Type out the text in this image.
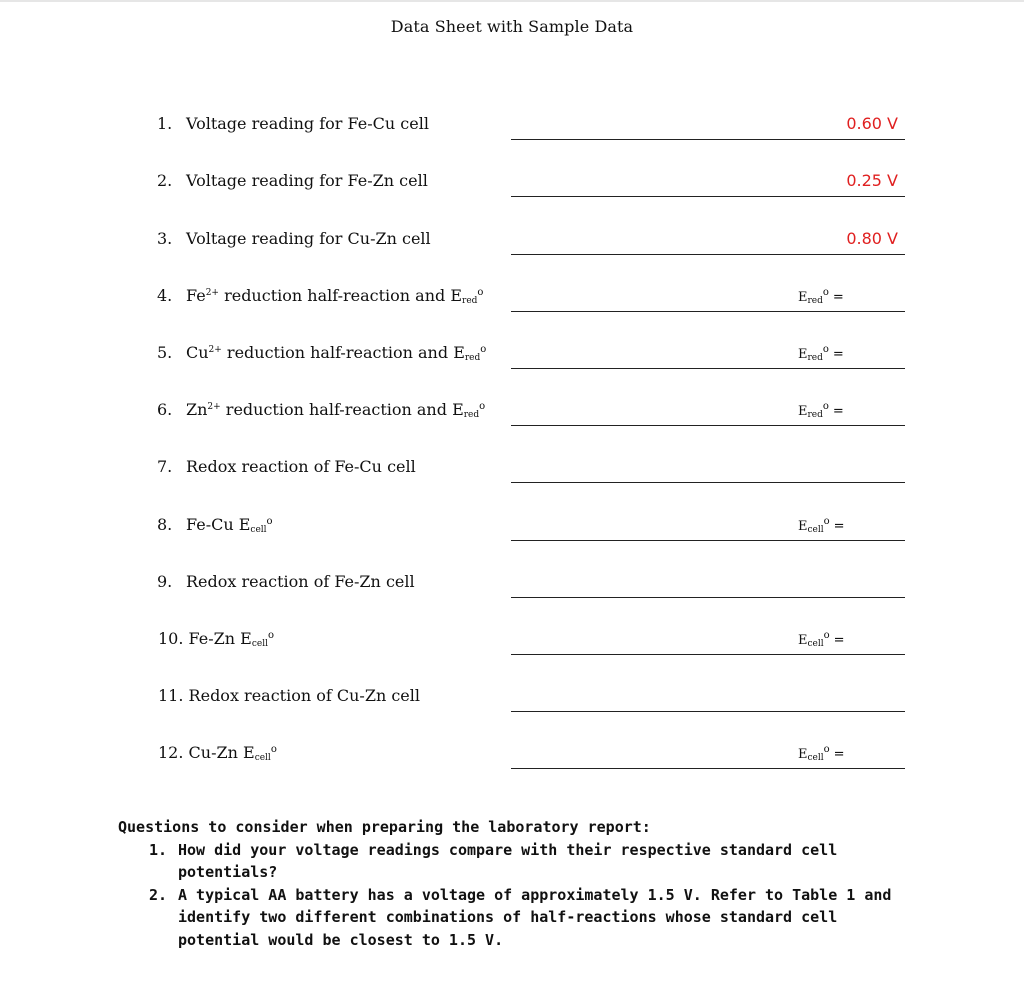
Data Sheet with Sample Data
1. Voltage reading for Fe-Cu cell	0.60 V
2. Voltage reading for Fe-Zn cell	0.25 V
3. Voltage reading for Cu-Zn cell	0.80 V
4. $Fe^{2+}$ reduction half-reaction and $E_{red}^o$	$E_{red}^o$ =
5. $Cu^{2+}$ reduction half-reaction and $E_{red}^o$	$E_{red}^o$ =
6. $Zn^{2+}$ reduction half-reaction and $E_{red}^o$	$E_{red}^o$ =
7. Redox reaction of Fe-Cu cell
8. Fe-Cu $E_{cell}^o$	$E_{cell}^o$ =
9. Redox reaction of Fe-Zn cell
10. Fe-Zn $E_{cell}^o$	$E_{cell}^o$ =
11. Redox reaction of Cu-Zn cell
12. Cu-Zn $E_{cell}^o$	$E_{cell}^o$ =
Questions to consider when preparing the laboratory report:
1. How did your voltage readings compare with their respective standard cell potentials?
2. A typical AA battery has a voltage of approximately 1.5 V. Refer to Table 1 and identify two different combinations of half-reactions whose standard cell potential would be closest to 1.5 V.
